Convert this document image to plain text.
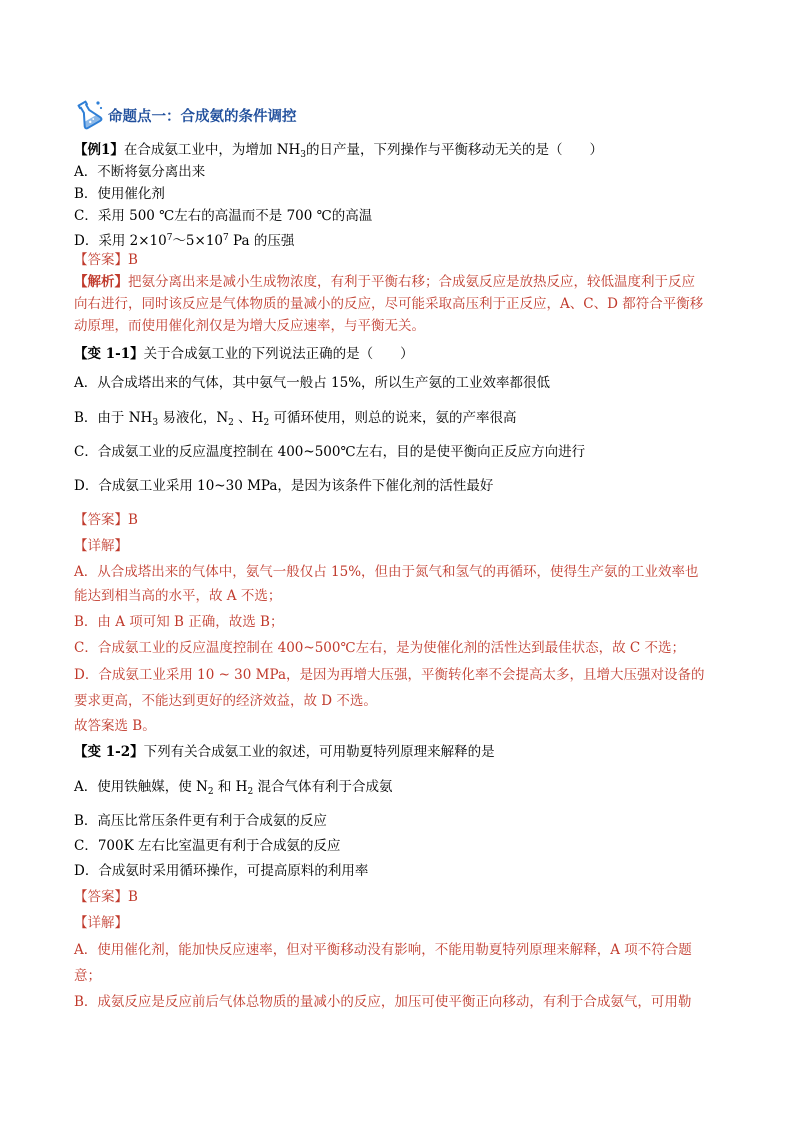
命题点一：合成氨的条件调控
【例1】在合成氨工业中，为增加 $NH_3$的日产量，下列操作与平衡移动无关的是（　　）
A．不断将氨分离出来
B．使用催化剂
C．采用 500 ℃左右的高温而不是 700 ℃的高温
D．采用 $2\times 10^7\sim 5\times 10^7$ Pa 的压强
【答案】B
【解析】把氨分离出来是减小生成物浓度，有利于平衡右移；合成氨反应是放热反应，较低温度利于反应
向右进行，同时该反应是气体物质的量减小的反应，尽可能采取高压利于正反应，A、C、D 都符合平衡移
动原理，而使用催化剂仅是为增大反应速率，与平衡无关。
【变 1-1】关于合成氨工业的下列说法正确的是（　　）
A．从合成塔出来的气体，其中氨气一般占 15%，所以生产氨的工业效率都很低
B．由于 $NH_3$ 易液化，$N_2$ 、$H_2$ 可循环使用，则总的说来，氨的产率很高
C．合成氨工业的反应温度控制在 400~500℃左右，目的是使平衡向正反应方向进行
D．合成氨工业采用 10~30 MPa，是因为该条件下催化剂的活性最好
【答案】B
【详解】
A．从合成塔出来的气体中，氨气一般仅占 15%，但由于氮气和氢气的再循环，使得生产氨的工业效率也
能达到相当高的水平，故 A 不选；
B．由 A 项可知 B 正确，故选 B；
C．合成氨工业的反应温度控制在 400~500℃左右，是为使催化剂的活性达到最佳状态，故 C 不选；
D．合成氨工业采用 10 ~ 30 MPa，是因为再增大压强，平衡转化率不会提高太多，且增大压强对设备的
要求更高，不能达到更好的经济效益，故 D 不选。
故答案选 B。
【变 1-2】下列有关合成氨工业的叙述，可用勒夏特列原理来解释的是
A．使用铁触媒，使 $N_2$ 和 $H_2$ 混合气体有利于合成氨
B．高压比常压条件更有利于合成氨的反应
C．700K 左右比室温更有利于合成氨的反应
D．合成氨时采用循环操作，可提高原料的利用率
【答案】B
【详解】
A．使用催化剂，能加快反应速率，但对平衡移动没有影响，不能用勒夏特列原理来解释，A 项不符合题
意；
B．成氨反应是反应前后气体总物质的量减小的反应，加压可使平衡正向移动，有利于合成氨气，可用勒
